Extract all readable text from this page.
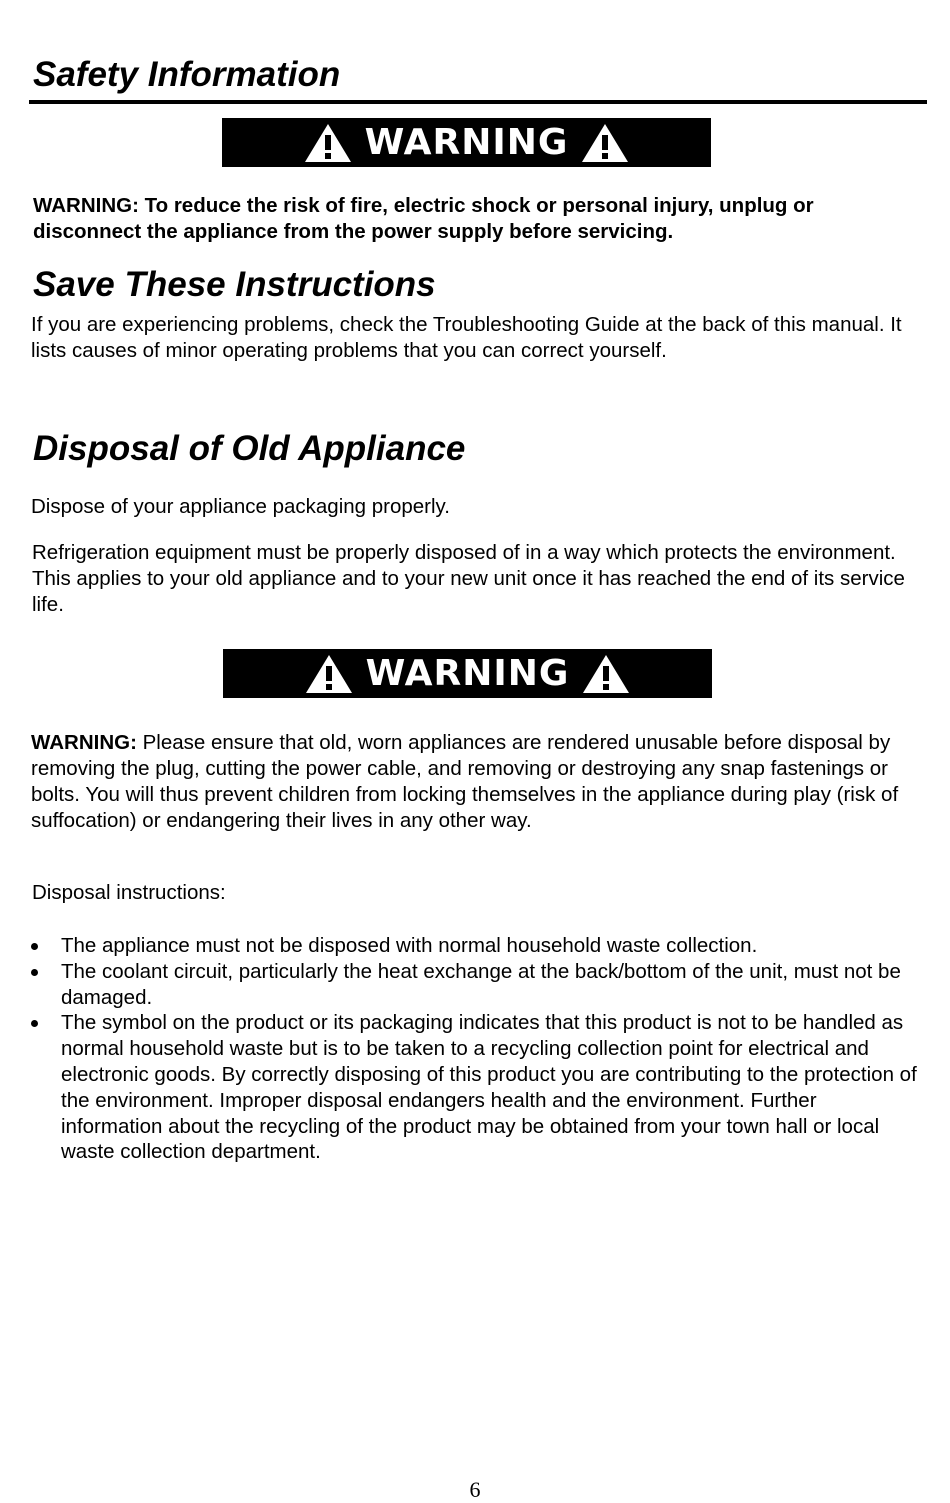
Safety Information
WARNING

WARNING: To reduce the risk of fire, electric shock or personal injury, unplug or disconnect the appliance from the power supply before servicing.

Save These Instructions

If you are experiencing problems, check the Troubleshooting Guide at the back of this manual. It lists causes of minor operating problems that you can correct yourself.

Disposal of Old Appliance

Dispose of your appliance packaging properly.

Refrigeration equipment must be properly disposed of in a way which protects the environment. This applies to your old appliance and to your new unit once it has reached the end of its service life.

WARNING

WARNING: Please ensure that old, worn appliances are rendered unusable before disposal by removing the plug, cutting the power cable, and removing or destroying any snap fastenings or bolts. You will thus prevent children from locking themselves in the appliance during play (risk of suffocation) or endangering their lives in any other way.

Disposal instructions:

The appliance must not be disposed with normal household waste collection.
The coolant circuit, particularly the heat exchange at the back/bottom of the unit, must not be damaged.
The symbol on the product or its packaging indicates that this product is not to be handled as normal household waste but is to be taken to a recycling collection point for electrical and electronic goods. By correctly disposing of this product you are contributing to the protection of the environment. Improper disposal endangers health and the environment. Further information about the recycling of the product may be obtained from your town hall or local waste collection department.
6
